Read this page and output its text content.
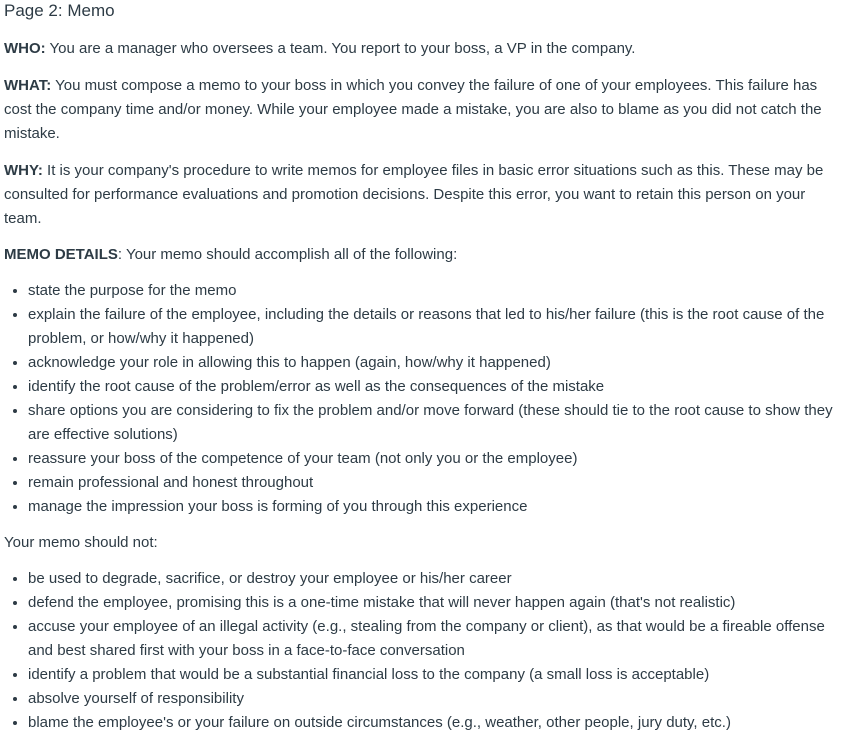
Page 2: Memo

WHO: You are a manager who oversees a team. You report to your boss, a VP in the company.

WHAT: You must compose a memo to your boss in which you convey the failure of one of your employees. This failure has cost the company time and/or money. While your employee made a mistake, you are also to blame as you did not catch the mistake.

WHY: It is your company's procedure to write memos for employee files in basic error situations such as this. These may be consulted for performance evaluations and promotion decisions. Despite this error, you want to retain this person on your team.

MEMO DETAILS: Your memo should accomplish all of the following:

state the purpose for the memo
explain the failure of the employee, including the details or reasons that led to his/her failure (this is the root cause of the problem, or how/why it happened)
acknowledge your role in allowing this to happen (again, how/why it happened)
identify the root cause of the problem/error as well as the consequences of the mistake
share options you are considering to fix the problem and/or move forward (these should tie to the root cause to show they are effective solutions)
reassure your boss of the competence of your team (not only you or the employee)
remain professional and honest throughout
manage the impression your boss is forming of you through this experience

Your memo should not:

be used to degrade, sacrifice, or destroy your employee or his/her career
defend the employee, promising this is a one-time mistake that will never happen again (that's not realistic)
accuse your employee of an illegal activity (e.g., stealing from the company or client), as that would be a fireable offense and best shared first with your boss in a face-to-face conversation
identify a problem that would be a substantial financial loss to the company (a small loss is acceptable)
absolve yourself of responsibility
blame the employee's or your failure on outside circumstances (e.g., weather, other people, jury duty, etc.)
